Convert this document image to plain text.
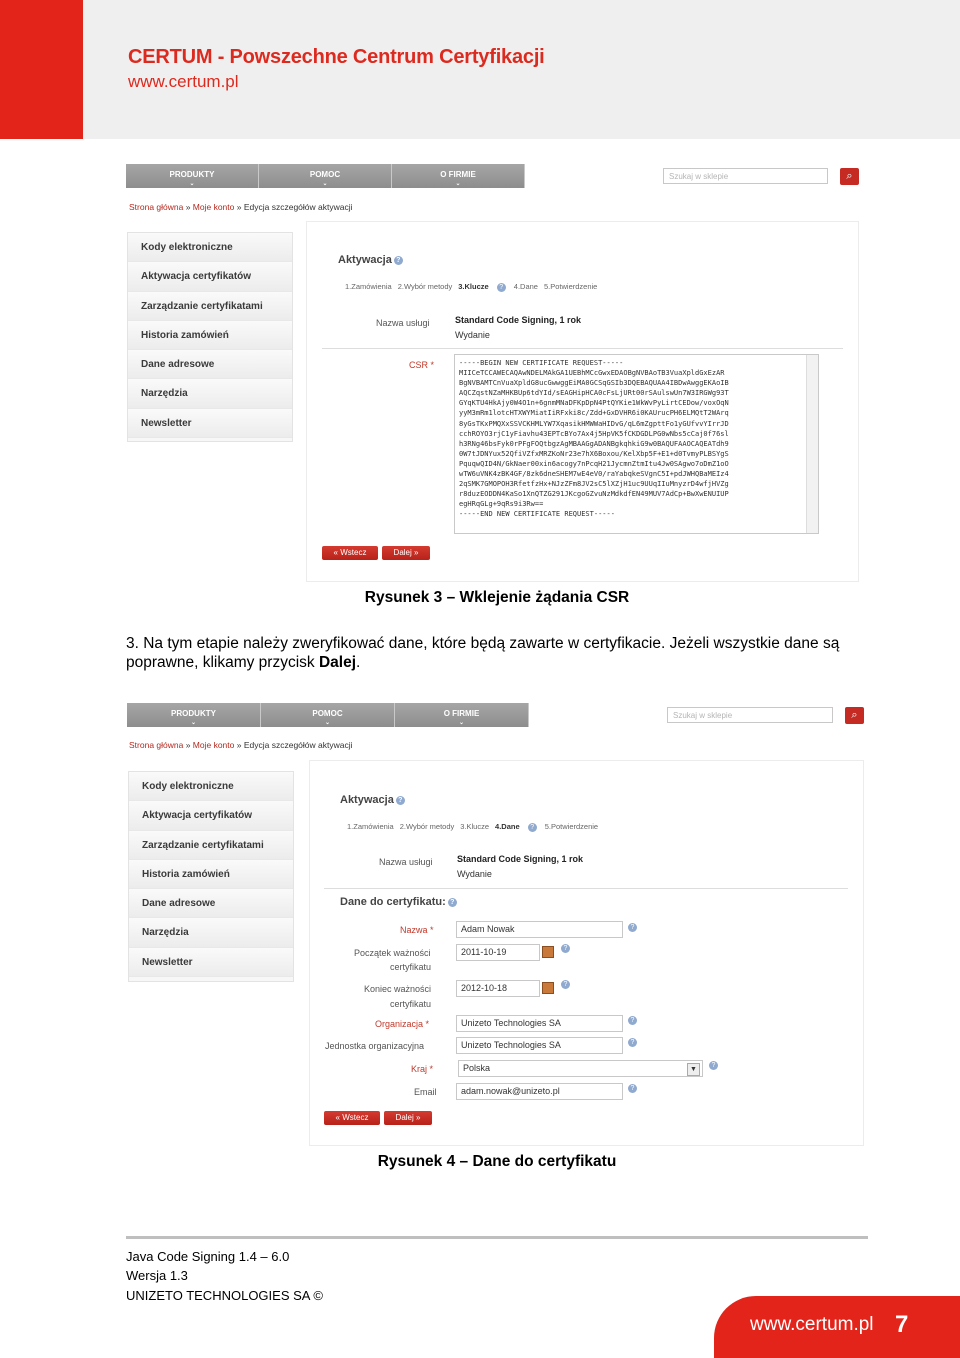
CERTUM - Powszechne Centrum Certyfikacji
www.certum.pl
PRODUKTY
⌄
POMOC
⌄
O FIRMIE
⌄
Szukaj w sklepie	⌕
Strona główna » Moje konto » Edycja szczegółów aktywacji
Kody elektroniczne
Aktywacja certyfikatów
Zarządzanie certyfikatami
Historia zamówień
Dane adresowe
Narzędzia
Newsletter
Aktywacja ?
1.Zamówienia 2.Wybór metody 3.Klucze ? 4.Dane 5.Potwierdzenie
Nazwa usługi	Standard Code Signing, 1 rok
Wydanie
CSR *	-----BEGIN NEW CERTIFICATE REQUEST-----
MIICeTCCAWECAQAwNDELMAkGA1UEBhMCcGwxEDAOBgNVBAoTB3VuaXpldGxEzAR
BgNVBAMTCnVuaXpldG8ucGwwggEiMA0GCSqGSIb3DQEBAQUAA4IBDwAwggEKAoIB
AQCZqstNZaMHKBUp6tdYId/sEAGHipHCA0cFsLjURt00rSAulswUn7W3IRGWg93T
GYqKTU4HkAjy0W4O1n+6gnmMNaDFKpDpN4PtQYKie1WkWvPyLirtCEDow/voxOqN
yyM3mRm1lotcHTXWYMiatIiRFxki8c/Zdd+GxDVHR6i0KAUrucPH6ELMQtT2WArq
8yGsTKxPMQXxSSVCKHMLYW7XqasikHMWWaHIDvG/qL6mZgpttFo1yGUfvvYIrrJD
cchROYO3rjC1yFiavhu43EPTcBYo7Ax4j5HpVK5fCKDGDLPG0wNbs5cCaj0f76sl
h3RNg46bsFyk0rPFgFOQtbgzAgMBAAGgADANBgkqhkiG9w0BAQUFAAOCAQEATdh9
0W7tJDNYux52QfiVZfxMRZKoNr23e7hX6Boxou/KelXbp5F+E1+d0TvmyPLBSYgS
PquqwQID4N/GkNaer00xin6acogy7nPcqH21JycmnZtmItu4Jw0SAgwo7oDmZ1oO
wTW6uVNK4zBK4GF/8zk6dneSHEM7wE4eV0/raYabqkeSVgnC5I+pdJWHQBaMEIz4
2qSMK7GMOPOH3RfetfzHx+NJzZFm8JV2sC5lXZjH1uc9UUqIIuMnyzrD4wfjHVZg
r8duzEODDN4KaSo1XnQTZG291JKcgoGZvuNzMdkdfEN49MUV7AdCp+BwXwENUIUP
egHRqGLg+9qRs9i3Rw==
-----END NEW CERTIFICATE REQUEST-----
« Wstecz	Dalej »
Rysunek 3 – Wklejenie żądania CSR
3. Na tym etapie należy zweryfikować dane, które będą zawarte w certyfikacie. Jeżeli wszystkie dane są poprawne, klikamy przycisk Dalej.
PRODUKTY
⌄
POMOC
⌄
O FIRMIE
⌄
Szukaj w sklepie	⌕
Strona główna » Moje konto » Edycja szczegółów aktywacji
Kody elektroniczne
Aktywacja certyfikatów
Zarządzanie certyfikatami
Historia zamówień
Dane adresowe
Narzędzia
Newsletter
Aktywacja ?
1.Zamówienia 2.Wybór metody 3.Klucze 4.Dane ? 5.Potwierdzenie
Nazwa usługi	Standard Code Signing, 1 rok
Wydanie
Dane do certyfikatu: ?
Nazwa *	Adam Nowak	?
Początek ważności
certyfikatu
2011-10-19	?
Koniec ważności
certyfikatu
2012-10-18	?
Organizacja *	Unizeto Technologies SA	?
Jednostka organizacyjna	Unizeto Technologies SA	?
Kraj *	Polska	▼
?
Email	adam.nowak@unizeto.pl	?
« Wstecz	Dalej »
Rysunek 4 – Dane do certyfikatu
Java Code Signing 1.4 – 6.0
Wersja 1.3
UNIZETO TECHNOLOGIES SA ©
www.certum.pl 7
